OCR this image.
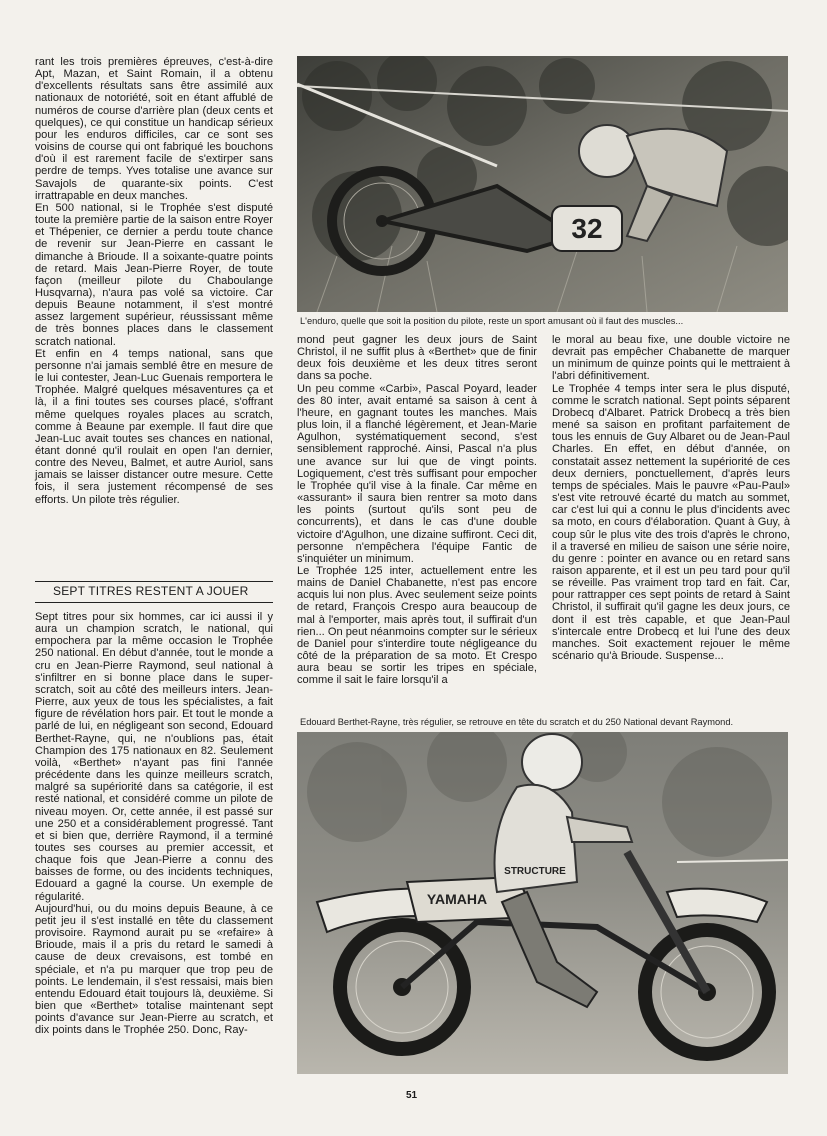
rant les trois premières épreuves, c'est-à-dire Apt, Mazan, et Saint Romain, il a obtenu d'excellents résultats sans être assimilé aux nationaux de notoriété, soit en étant affublé de numéros de course d'arrière plan (deux cents et quelques), ce qui constitue un handicap sérieux pour les enduros difficiles, car ce sont ses voisins de course qui ont fabriqué les bouchons d'où il est rarement facile de s'extirper sans perdre de temps. Yves totalise une avance sur Savajols de quarante-six points. C'est irrattrapable en deux manches.

En 500 national, si le Trophée s'est disputé toute la première partie de la saison entre Royer et Thépenier, ce dernier a perdu toute chance de revenir sur Jean-Pierre en cassant le dimanche à Brioude. Il a soixante-quatre points de retard. Mais Jean-Pierre Royer, de toute façon (meilleur pilote du Chaboulange Husqvarna), n'aura pas volé sa victoire. Car depuis Beaune notamment, il s'est montré assez largement supérieur, réussissant même de très bonnes places dans le classement scratch national.

Et enfin en 4 temps national, sans que personne n'ai jamais semblé être en mesure de le lui contester, Jean-Luc Guenais remportera le Trophée. Malgré quelques mésaventures ça et là, il a fini toutes ses courses placé, s'offrant même quelques royales places au scratch, comme à Beaune par exemple. Il faut dire que Jean-Luc avait toutes ses chances en national, étant donné qu'il roulait en open l'an dernier, contre des Neveu, Balmet, et autre Auriol, sans jamais se laisser distancer outre mesure. Cette fois, il sera justement récompensé de ses efforts. Un pilote très régulier.

SEPT TITRES RESTENT A JOUER

Sept titres pour six hommes, car ici aussi il y aura un champion scratch, le national, qui empochera par la même occasion le Trophée 250 national. En début d'année, tout le monde a cru en Jean-Pierre Raymond, seul national à s'infiltrer en si bonne place dans le super-scratch, soit au côté des meilleurs inters. Jean-Pierre, aux yeux de tous les spécialistes, a fait figure de révélation hors pair. Et tout le monde a parlé de lui, en négligeant son second, Edouard Berthet-Rayne, qui, ne n'oublions pas, était Champion des 175 nationaux en 82. Seulement voilà, «Berthet» n'ayant pas fini l'année précédente dans les quinze meilleurs scratch, malgré sa supériorité dans sa catégorie, il est resté national, et considéré comme un pilote de niveau moyen. Or, cette année, il est passé sur une 250 et a considérablement progressé. Tant et si bien que, derrière Raymond, il a terminé toutes ses courses au premier accessit, et chaque fois que Jean-Pierre a connu des baisses de forme, ou des incidents techniques, Edouard a gagné la course. Un exemple de régularité.

Aujourd'hui, ou du moins depuis Beaune, à ce petit jeu il s'est installé en tête du classement provisoire. Raymond aurait pu se «refaire» à Brioude, mais il a pris du retard le samedi à cause de deux crevaisons, est tombé en spéciale, et n'a pu marquer que trop peu de points. Le lendemain, il s'est ressaisi, mais bien entendu Edouard était toujours là, deuxième. Si bien que «Berthet» totalise maintenant sept points d'avance sur Jean-Pierre au scratch, et dix points dans le Trophée 250. Donc, Ray-

32
L'enduro, quelle que soit la position du pilote, reste un sport amusant où il faut des muscles...

mond peut gagner les deux jours de Saint Christol, il ne suffit plus à «Berthet» que de finir deux fois deuxième et les deux titres seront dans sa poche.

Un peu comme «Carbi», Pascal Poyard, leader des 80 inter, avait entamé sa saison à cent à l'heure, en gagnant toutes les manches. Mais plus loin, il a flanché légèrement, et Jean-Marie Agulhon, systématiquement second, s'est sensiblement rapproché. Ainsi, Pascal n'a plus une avance sur lui que de vingt points. Logiquement, c'est très suffisant pour empocher le Trophée qu'il vise à la finale. Car même en «assurant» il saura bien rentrer sa moto dans les points (surtout qu'ils sont peu de concurrents), et dans le cas d'une double victoire d'Agulhon, une dizaine suffiront. Ceci dit, personne n'empêchera l'équipe Fantic de s'inquiéter un minimum.

Le Trophée 125 inter, actuellement entre les mains de Daniel Chabanette, n'est pas encore acquis lui non plus. Avec seulement seize points de retard, François Crespo aura beaucoup de mal à l'emporter, mais après tout, il suffirait d'un rien... On peut néanmoins compter sur le sérieux de Daniel pour s'interdire toute négligeance du côté de la préparation de sa moto. Et Crespo aura beau se sortir les tripes en spéciale, comme il sait le faire lorsqu'il a

le moral au beau fixe, une double victoire ne devrait pas empêcher Chabanette de marquer un minimum de quinze points qui le mettraient à l'abri définitivement.

Le Trophée 4 temps inter sera le plus disputé, comme le scratch national. Sept points séparent Drobecq d'Albaret. Patrick Drobecq a très bien mené sa saison en profitant parfaitement de tous les ennuis de Guy Albaret ou de Jean-Paul Charles. En effet, en début d'année, on constatait assez nettement la supériorité de ces deux derniers, ponctuellement, d'après leurs temps de spéciales. Mais le pauvre «Pau-Paul» s'est vite retrouvé écarté du match au sommet, car c'est lui qui a connu le plus d'incidents avec sa moto, en cours d'élaboration. Quant à Guy, à coup sûr le plus vite des trois d'après le chrono, il a traversé en milieu de saison une série noire, du genre : pointer en avance ou en retard sans raison apparente, et il est un peu tard pour qu'il se réveille. Pas vraiment trop tard en fait. Car, pour rattrapper ces sept points de retard à Saint Christol, il suffirait qu'il gagne les deux jours, ce dont il est très capable, et que Jean-Paul s'intercale entre Drobecq et lui l'une des deux manches. Soit exactement rejouer le même scénario qu'à Brioude. Suspense...

Edouard Berthet-Rayne, très régulier, se retrouve en tête du scratch et du 250 National devant Raymond.
YAMAHA
STRUCTURE
51
